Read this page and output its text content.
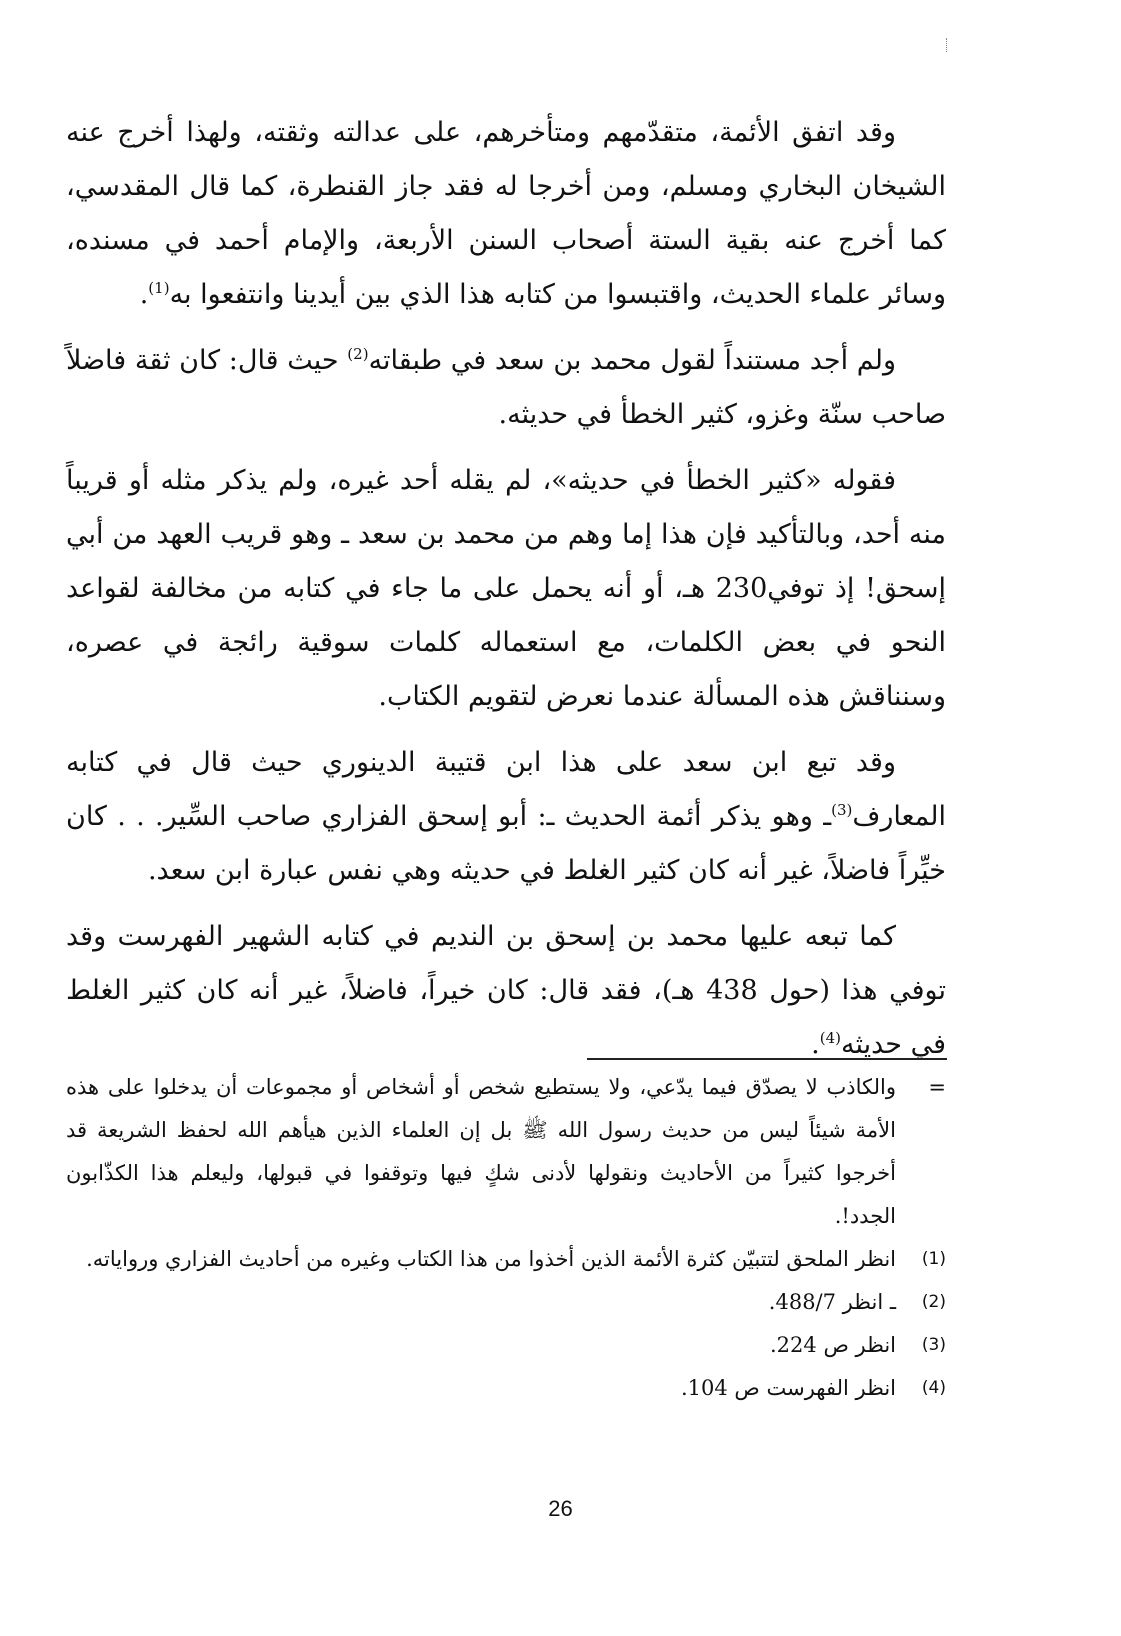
وقد اتفق الأئمة، متقدّمهم ومتأخرهم، على عدالته وثقته، ولهذا أخرج عنه الشيخان البخاري ومسلم، ومن أخرجا له فقد جاز القنطرة، كما قال المقدسي، كما أخرج عنه بقية الستة أصحاب السنن الأربعة، والإمام أحمد في مسنده، وسائر علماء الحديث، واقتبسوا من كتابه هذا الذي بين أيدينا وانتفعوا به$^{(1)}$.

ولم أجد مستنداً لقول محمد بن سعد في طبقاته$^{(2)}$ حيث قال: كان ثقة فاضلاً صاحب سنّة وغزو، كثير الخطأ في حديثه.

فقوله «كثير الخطأ في حديثه»، لم يقله أحد غيره، ولم يذكر مثله أو قريباً منه أحد، وبالتأكيد فإن هذا إما وهم من محمد بن سعد ـ وهو قريب العهد من أبي إسحق! إذ توفي230 هـ، أو أنه يحمل على ما جاء في كتابه من مخالفة لقواعد النحو في بعض الكلمات، مع استعماله كلمات سوقية رائجة في عصره، وسنناقش هذه المسألة عندما نعرض لتقويم الكتاب.

وقد تبع ابن سعد على هذا ابن قتيبة الدينوري حيث قال في كتابه المعارف$^{(3)}$ـ وهو يذكر أئمة الحديث ـ: أبو إسحق الفزاري صاحب السِّير. . . كان خيِّراً فاضلاً، غير أنه كان كثير الغلط في حديثه وهي نفس عبارة ابن سعد.

كما تبعه عليها محمد بن إسحق بن النديم في كتابه الشهير الفهرست وقد توفي هذا (حول 438 هـ)، فقد قال: كان خيراً، فاضلاً، غير أنه كان كثير الغلط في حديثه$^{(4)}$.

=
والكاذب لا يصدّق فيما يدّعي، ولا يستطيع شخص أو أشخاص أو مجموعات أن يدخلوا على هذه الأمة شيئاً ليس من حديث رسول الله ﷺ بل إن العلماء الذين هيأهم الله لحفظ الشريعة قد أخرجوا كثيراً من الأحاديث ونقولها لأدنى شكٍ فيها وتوقفوا في قبولها، وليعلم هذا الكذّابون الجدد!.

(1)
انظر الملحق لتتبيّن كثرة الأئمة الذين أخذوا من هذا الكتاب وغيره من أحاديث الفزاري ورواياته.

(2)
ـ انظر 488/7.

(3)
انظر ص 224.

(4)
انظر الفهرست ص 104.

26
